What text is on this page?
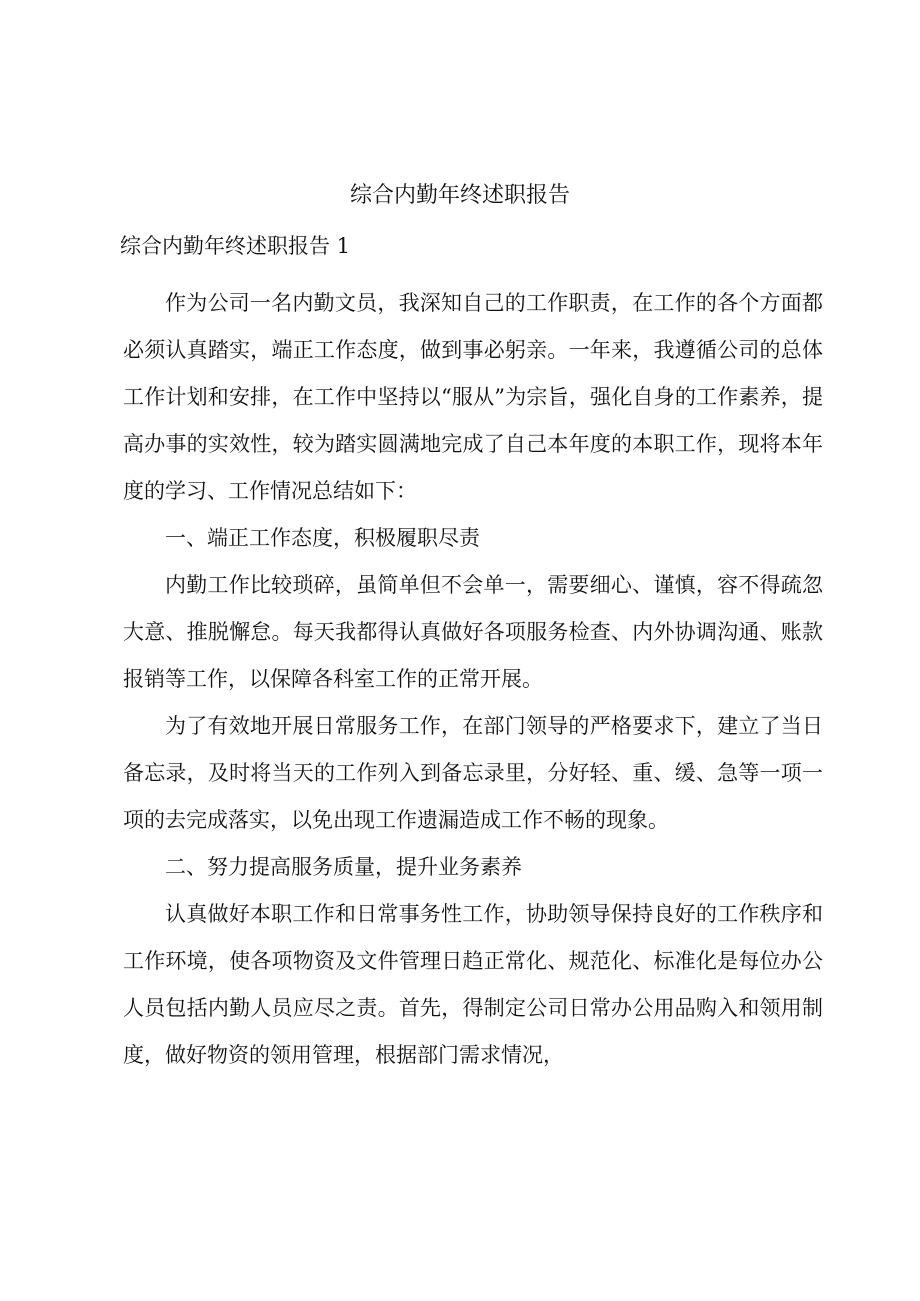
综合内勤年终述职报告

综合内勤年终述职报告 1

作为公司一名内勤文员，我深知自己的工作职责，在工作的各个方面都必须认真踏实，端正工作态度，做到事必躬亲。一年来，我遵循公司的总体工作计划和安排，在工作中坚持以“服从”为宗旨，强化自身的工作素养，提高办事的实效性，较为踏实圆满地完成了自己本年度的本职工作，现将本年度的学习、工作情况总结如下：

一、端正工作态度，积极履职尽责

内勤工作比较琐碎，虽简单但不会单一，需要细心、谨慎，容不得疏忽大意、推脱懈怠。每天我都得认真做好各项服务检查、内外协调沟通、账款报销等工作，以保障各科室工作的正常开展。

为了有效地开展日常服务工作，在部门领导的严格要求下，建立了当日备忘录，及时将当天的工作列入到备忘录里，分好轻、重、缓、急等一项一项的去完成落实，以免出现工作遗漏造成工作不畅的现象。

二、努力提高服务质量，提升业务素养

认真做好本职工作和日常事务性工作，协助领导保持良好的工作秩序和工作环境，使各项物资及文件管理日趋正常化、规范化、标准化是每位办公人员包括内勤人员应尽之责。首先，得制定公司日常办公用品购入和领用制度，做好物资的领用管理，根据部门需求情况，
